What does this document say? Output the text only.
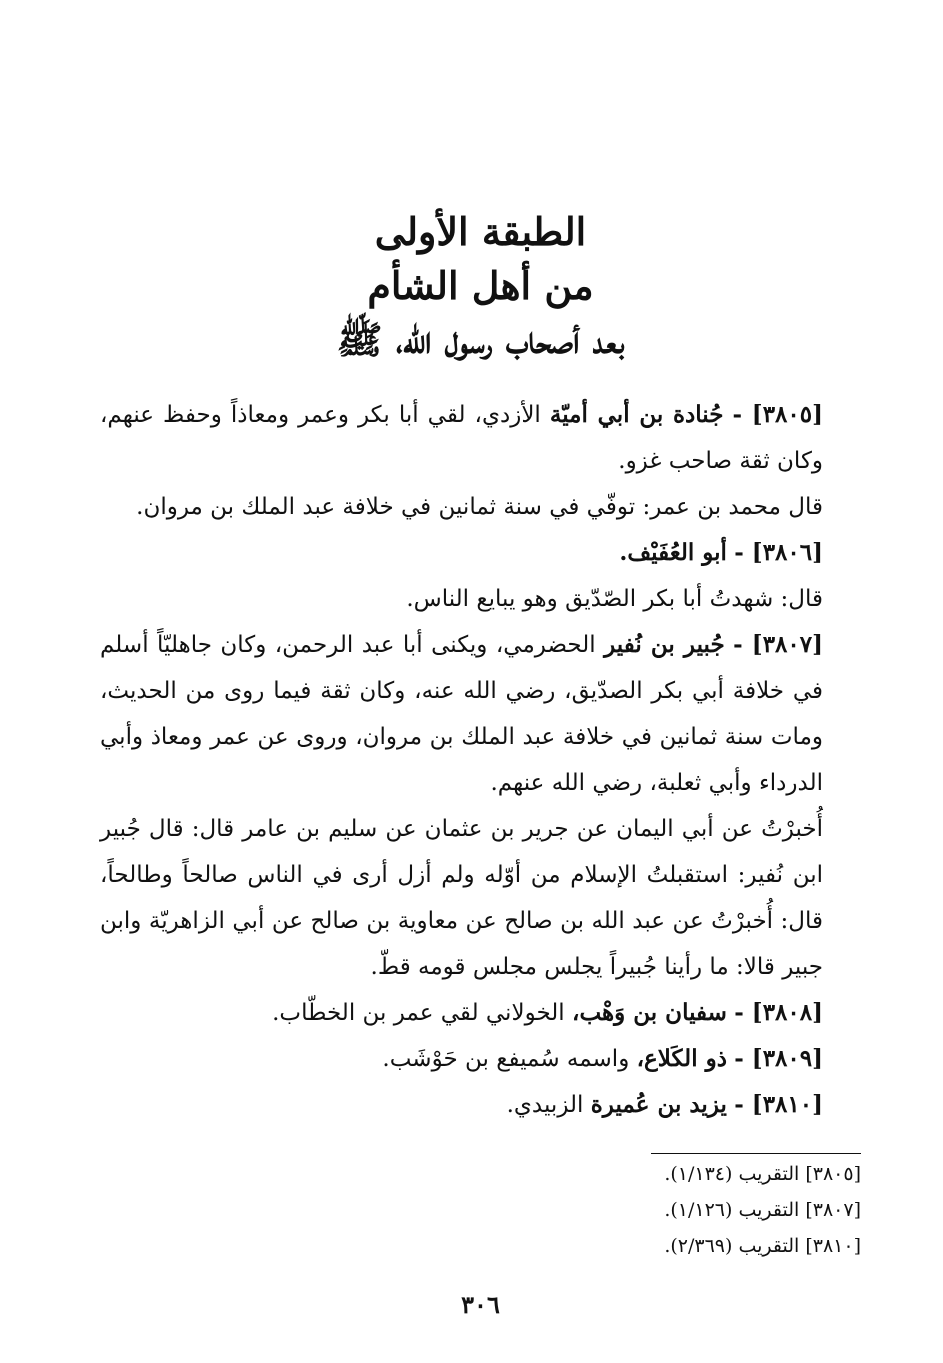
الطبقة الأولى
من أهل الشأم
بعد أصحاب رسول الله، ﷺ

[٣٨٠٥] - جُنادة بن أبي أميّة الأزدي، لقي أبا بكر وعمر ومعاذاً وحفظ عنهم، وكان ثقة صاحب غزو.

قال محمد بن عمر: توفّي في سنة ثمانين في خلافة عبد الملك بن مروان.

[٣٨٠٦] - أبو العُفَيْف.

قال: شهدتُ أبا بكر الصّدّيق وهو يبايع الناس.

[٣٨٠٧] - جُبير بن نُفير الحضرمي، ويكنى أبا عبد الرحمن، وكان جاهليّاً أسلم في خلافة أبي بكر الصدّيق، رضي الله عنه، وكان ثقة فيما روى من الحديث، ومات سنة ثمانين في خلافة عبد الملك بن مروان، وروى عن عمر ومعاذ وأبي الدرداء وأبي ثعلبة، رضي الله عنهم.

أُخبرْتُ عن أبي اليمان عن جرير بن عثمان عن سليم بن عامر قال: قال جُبير ابن نُفير: استقبلتُ الإسلام من أوّله ولم أزل أرى في الناس صالحاً وطالحاً، قال: أُخبرْتُ عن عبد الله بن صالح عن معاوية بن صالح عن أبي الزاهريّة وابن جبير قالا: ما رأينا جُبيراً يجلس مجلس قومه قطّ.

[٣٨٠٨] - سفيان بن وَهْب، الخولاني لقي عمر بن الخطّاب.

[٣٨٠٩] - ذو الكَلاع، واسمه سُميفع بن حَوْشَب.

[٣٨١٠] - يزيد بن عُميرة الزبيدي.

[٣٨٠٥] التقريب (١/١٣٤).
[٣٨٠٧] التقريب (١/١٢٦).
[٣٨١٠] التقريب (٢/٣٦٩).
٣٠٦
